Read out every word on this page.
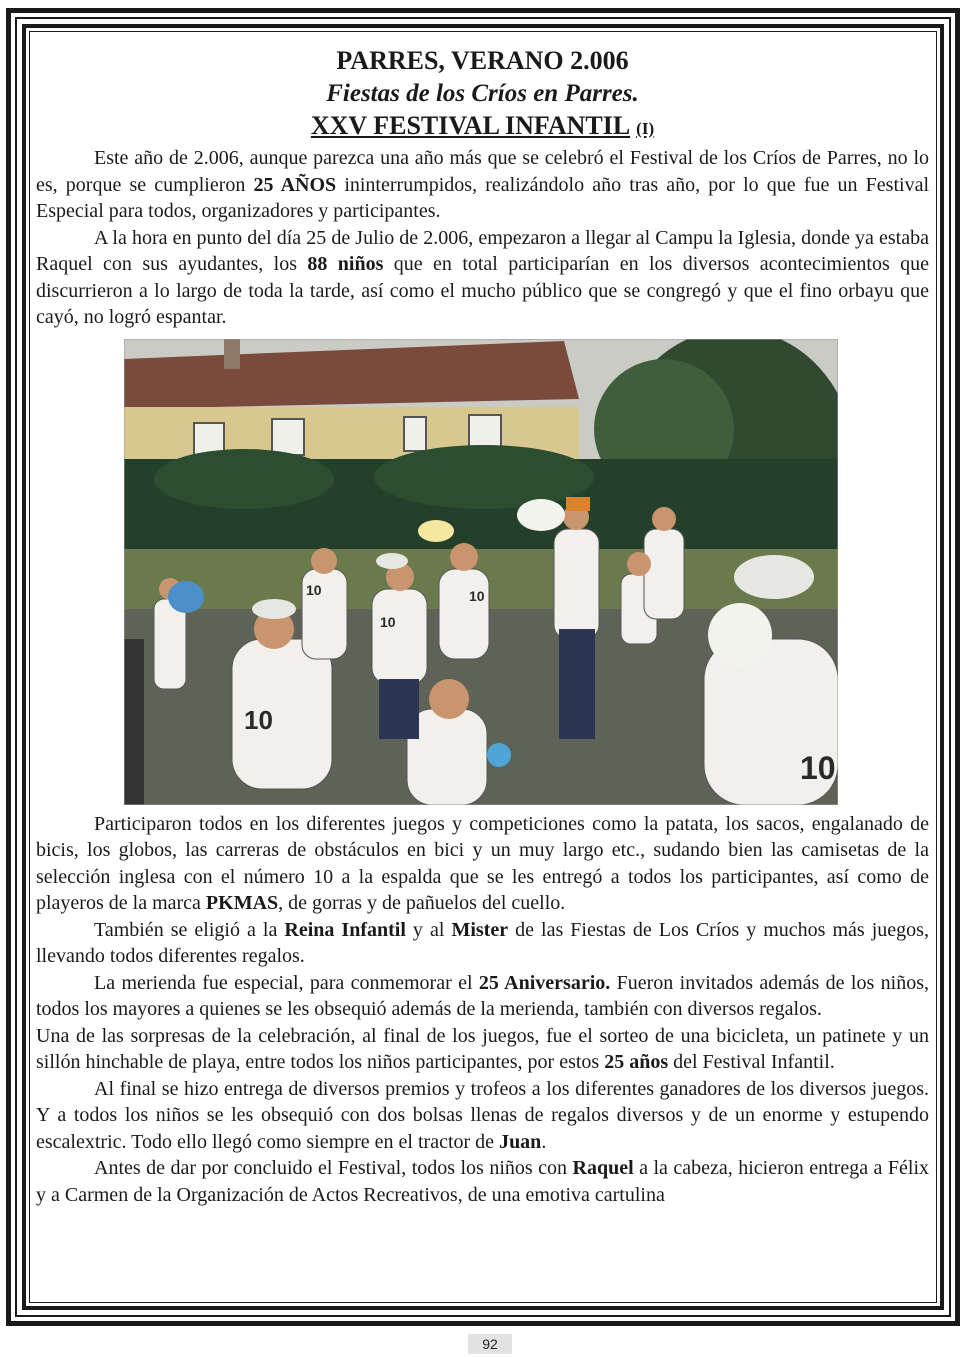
PARRES, VERANO 2.006
Fiestas de los Críos en Parres.
XXV FESTIVAL INFANTIL (I)

Este año de 2.006, aunque parezca una año más que se celebró el Festival de los Críos de Parres, no lo es, porque se cumplieron 25 AÑOS ininterrumpidos, realizándolo año tras año, por lo que fue un Festival Especial para todos, organizadores y participantes.

A la hora en punto del día 25 de Julio de 2.006, empezaron a llegar al Campu la Iglesia, donde ya estaba Raquel con sus ayudantes, los 88 niños que en total participarían en los diversos acontecimientos que discurrieron a lo largo de toda la tarde, así como el mucho público que se congregó y que el fino orbayu que cayó, no logró espantar.

10
10
10
10
10

Participaron todos en los diferentes juegos y competiciones como la patata, los sacos, engalanado de bicis, los globos, las carreras de obstáculos en bici y un muy largo etc., sudando bien las camisetas de la selección inglesa con el número 10 a la espalda que se les entregó a todos los participantes, así como de playeros de la marca PKMAS, de gorras y de pañuelos del cuello.

También se eligió a la Reina Infantil y al Mister de las Fiestas de Los Críos y muchos más juegos, llevando todos diferentes regalos.

La merienda fue especial, para conmemorar el 25 Aniversario. Fueron invitados además de los niños, todos los mayores a quienes se les obsequió además de la merienda, también con diversos regalos.

Una de las sorpresas de la celebración, al final de los juegos, fue el sorteo de una bicicleta, un patinete y un sillón hinchable de playa, entre todos los niños participantes, por estos 25 años del Festival Infantil.

Al final se hizo entrega de diversos premios y trofeos a los diferentes ganadores de los diversos juegos. Y a todos los niños se les obsequió con dos bolsas llenas de regalos diversos y de un enorme y estupendo escalextric. Todo ello llegó como siempre en el tractor de Juan.

Antes de dar por concluido el Festival, todos los niños con Raquel a la cabeza, hicieron entrega a Félix y a Carmen de la Organización de Actos Recreativos, de una emotiva cartulina

92
